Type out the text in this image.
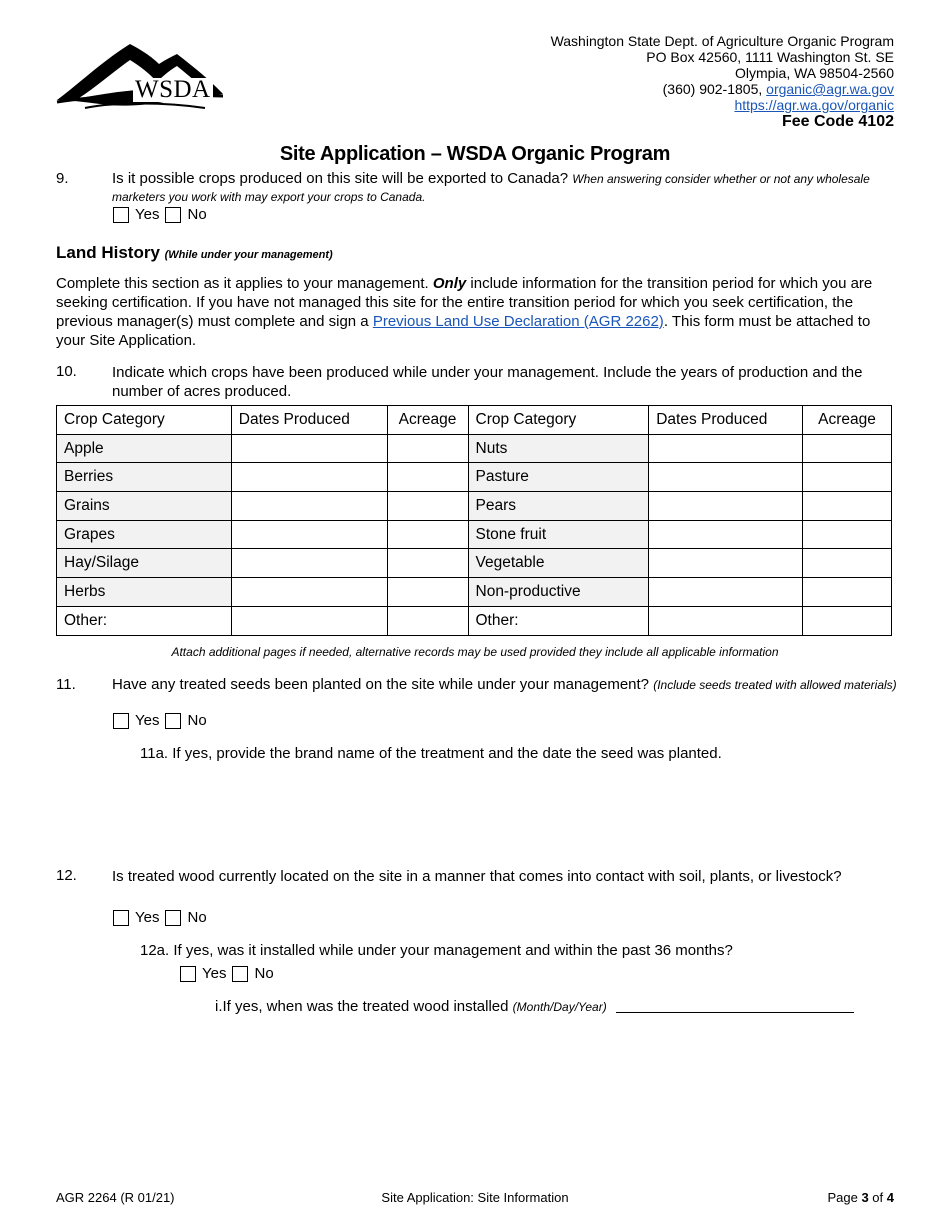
WSDA
Washington State Dept. of Agriculture Organic Program
PO Box 42560, 1111 Washington St. SE
Olympia, WA 98504-2560
(360) 902-1805, organic@agr.wa.gov
https://agr.wa.gov/organic
Fee Code 4102
Site Application – WSDA Organic Program
9.	Is it possible crops produced on this site will be exported to Canada? When answering consider whether or not any wholesale marketers you work with may export your crops to Canada.
Yes No
Land History (While under your management)
Complete this section as it applies to your management. Only include information for the transition period for which you are seeking certification. If you have not managed this site for the entire transition period for which you seek certification, the previous manager(s) must complete and sign a Previous Land Use Declaration (AGR 2262). This form must be attached to your Site Application.
10. Indicate which crops have been produced while under your management. Include the years of production and the number of acres produced.
Crop Category	Dates Produced	Acreage	Crop Category	Dates Produced	Acreage
Apple			Nuts		
Berries			Pasture		
Grains			Pears		
Grapes			Stone fruit		
Hay/Silage			Vegetable		
Herbs			Non-productive		
Other:			Other:		
Attach additional pages if needed, alternative records may be used provided they include all applicable information
11. Have any treated seeds been planted on the site while under your management? (Include seeds treated with allowed materials)
Yes No
11a. If yes, provide the brand name of the treatment and the date the seed was planted.
12. Is treated wood currently located on the site in a manner that comes into contact with soil, plants, or livestock?
Yes No
12a. If yes, was it installed while under your management and within the past 36 months?
Yes No
i.If yes, when was the treated wood installed (Month/Day/Year)
AGR 2264 (R 01/21)	Site Application: Site Information	Page 3 of 4
